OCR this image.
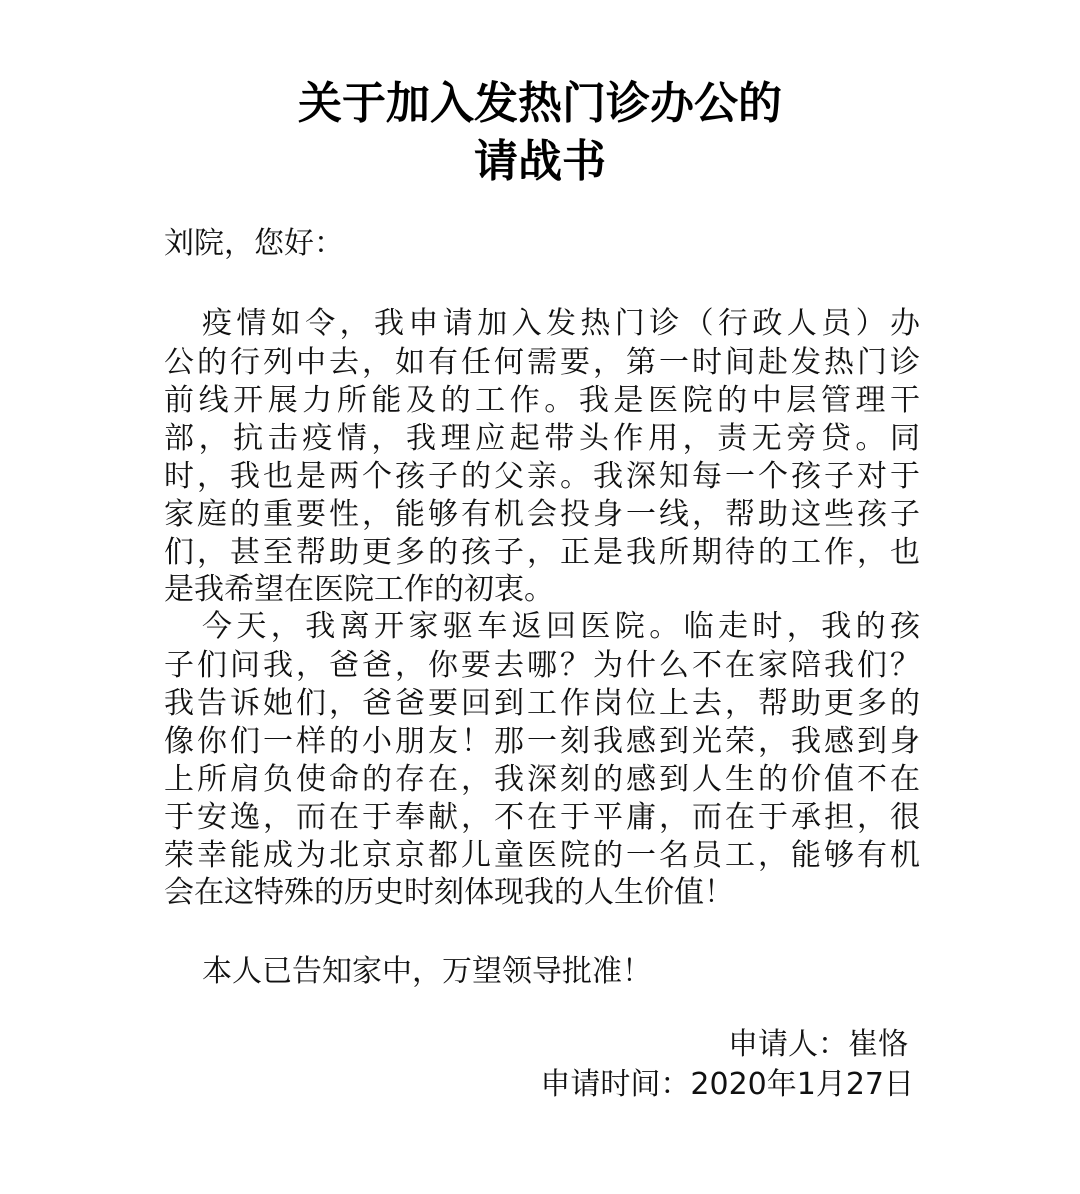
关于加入发热门诊办公的
请战书
刘院，您好：
疫情如令，我申请加入发热门诊（行政人员）办
公的行列中去，如有任何需要，第一时间赴发热门诊
前线开展力所能及的工作。我是医院的中层管理干
部，抗击疫情，我理应起带头作用，责无旁贷。同
时，我也是两个孩子的父亲。我深知每一个孩子对于
家庭的重要性，能够有机会投身一线，帮助这些孩子
们，甚至帮助更多的孩子，正是我所期待的工作，也
是我希望在医院工作的初衷。
今天，我离开家驱车返回医院。临走时，我的孩
子们问我，爸爸，你要去哪？为什么不在家陪我们？
我告诉她们，爸爸要回到工作岗位上去，帮助更多的
像你们一样的小朋友！那一刻我感到光荣，我感到身
上所肩负使命的存在，我深刻的感到人生的价值不在
于安逸，而在于奉献，不在于平庸，而在于承担，很
荣幸能成为北京京都儿童医院的一名员工，能够有机
会在这特殊的历史时刻体现我的人生价值！
本人已告知家中，万望领导批准！
申请人：崔恪
申请时间：2020年1月27日
